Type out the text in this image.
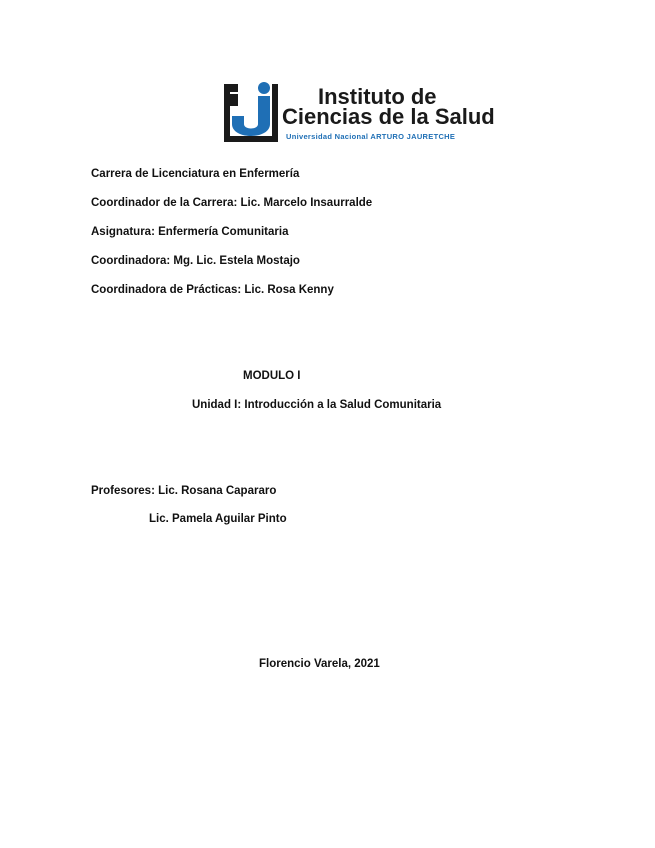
Instituto de
Ciencias de la Salud
Universidad Nacional ARTURO JAURETCHE
Carrera de Licenciatura en Enfermería
Coordinador de la Carrera: Lic. Marcelo Insaurralde
Asignatura: Enfermería Comunitaria
Coordinadora: Mg. Lic. Estela Mostajo
Coordinadora de Prácticas: Lic. Rosa Kenny
MODULO I
Unidad I: Introducción a la Salud Comunitaria
Profesores: Lic. Rosana Capararo
Lic. Pamela Aguilar Pinto
Florencio Varela, 2021
